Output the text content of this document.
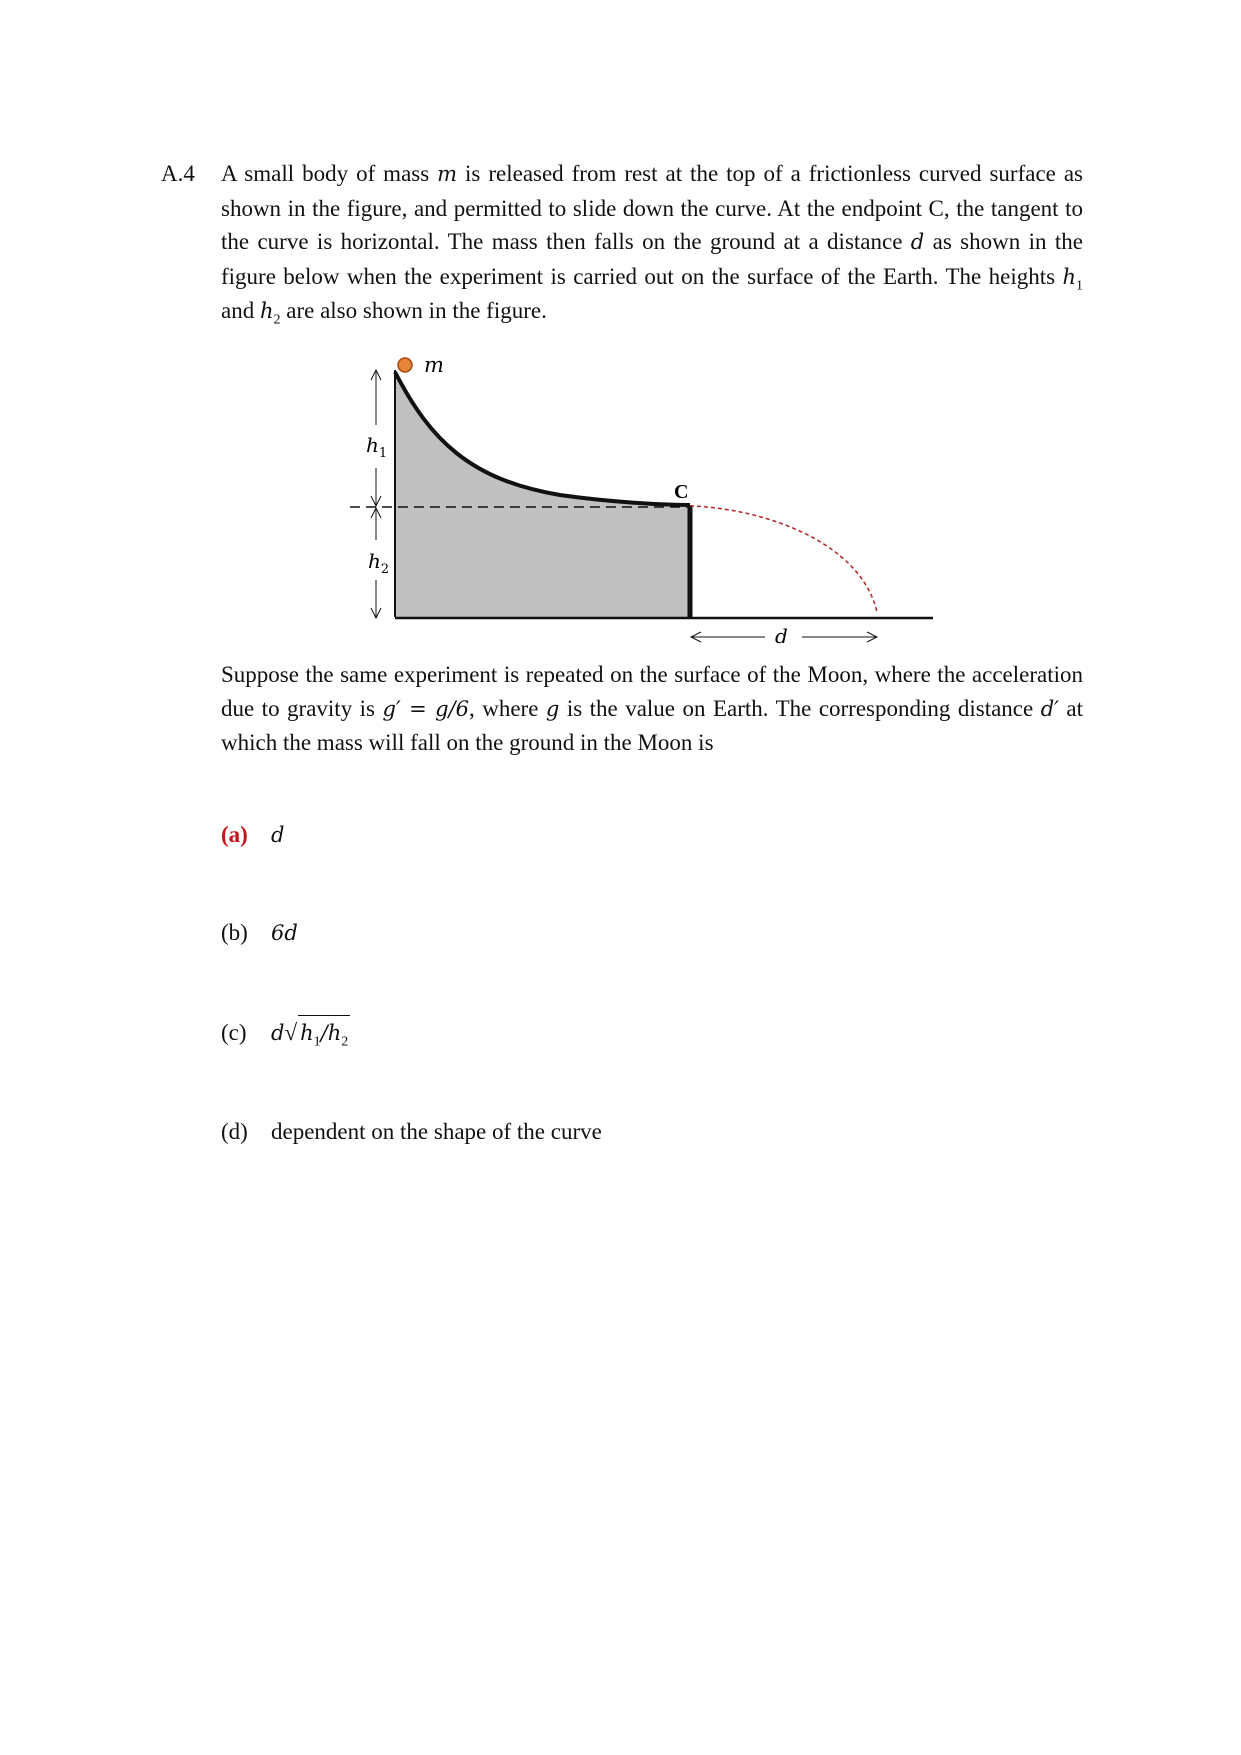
A.4 A small body of mass m is released from rest at the top of a frictionless curved surface as shown in the figure, and permitted to slide down the curve. At the endpoint C, the tangent to the curve is horizontal. The mass then falls on the ground at a distance d as shown in the figure below when the experiment is carried out on the surface of the Earth. The heights $h_1$ and $h_2$ are also shown in the figure.

m
$h_1$
$h_2$
C
d

Suppose the same experiment is repeated on the surface of the Moon, where the acceleration due to gravity is g′ = g/6, where g is the value on Earth. The corresponding distance d′ at which the mass will fall on the ground in the Moon is

(a) d
(b) 6d
(c) d√ $h_1/h_2$
(d) dependent on the shape of the curve
